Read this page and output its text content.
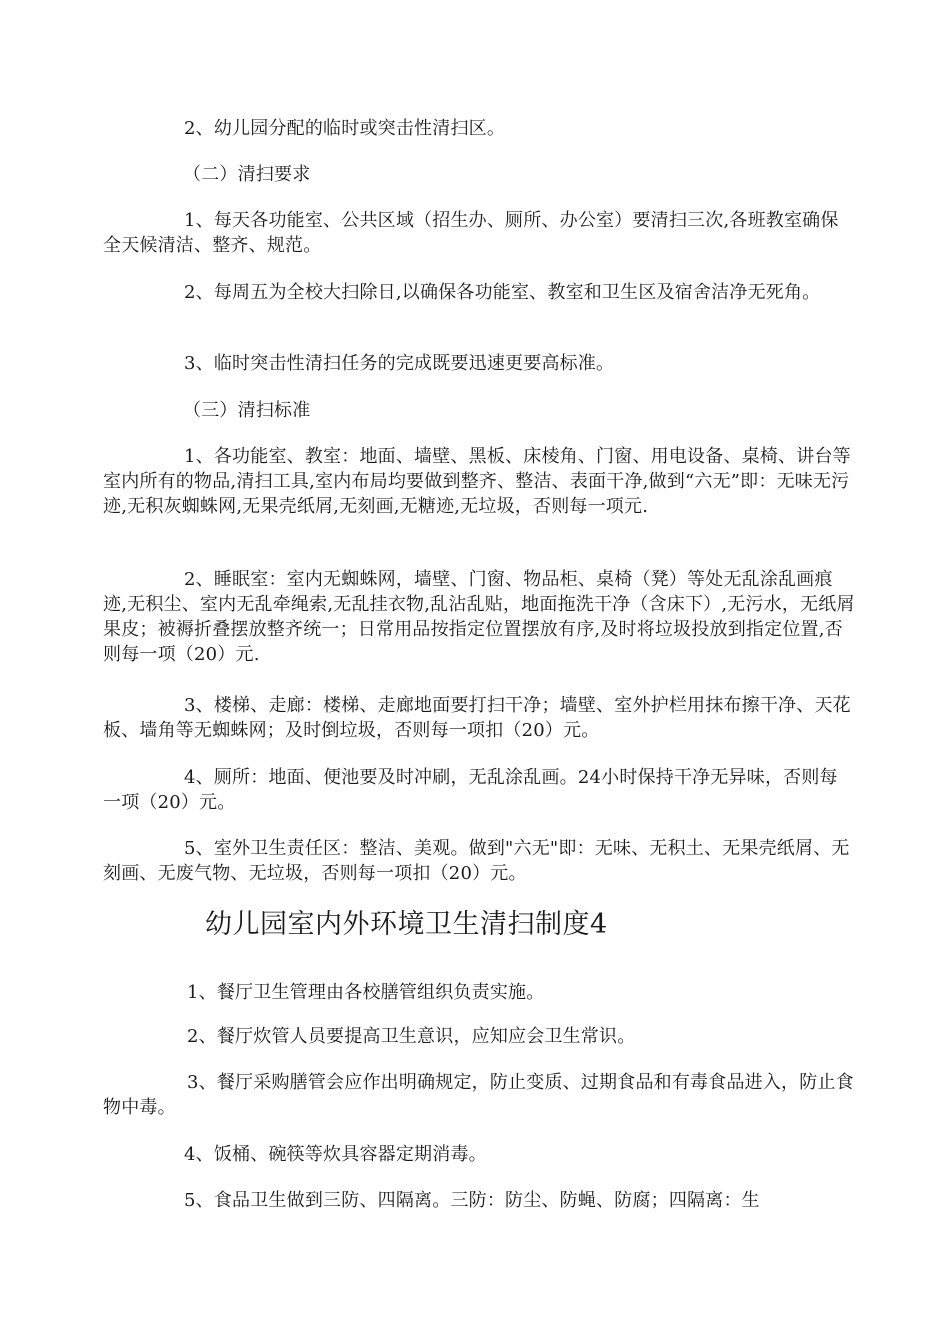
2、幼儿园分配的临时或突击性清扫区。

（二）清扫要求

1、每天各功能室、公共区域（招生办、厕所、办公室）要清扫三次,各班教室确保全天候清洁、整齐、规范。

2、每周五为全校大扫除日,以确保各功能室、教室和卫生区及宿舍洁净无死角。

3、临时突击性清扫任务的完成既要迅速更要高标准。

（三）清扫标准

1、各功能室、教室：地面、墙壁、黑板、床棱角、门窗、用电设备、桌椅、讲台等室内所有的物品,清扫工具,室内布局均要做到整齐、整洁、表面干净,做到“六无”即：无味无污迹,无积灰蜘蛛网,无果壳纸屑,无刻画,无糖迹,无垃圾，否则每一项元.

2、睡眠室：室内无蜘蛛网，墙壁、门窗、物品柜、桌椅（凳）等处无乱涂乱画痕迹,无积尘、室内无乱牵绳索,无乱挂衣物,乱沾乱贴，地面拖洗干净（含床下）,无污水，无纸屑果皮；被褥折叠摆放整齐统一；日常用品按指定位置摆放有序,及时将垃圾投放到指定位置,否则每一项（20）元.

3、楼梯、走廊：楼梯、走廊地面要打扫干净；墙壁、室外护栏用抹布擦干净、天花板、墙角等无蜘蛛网；及时倒垃圾，否则每一项扣（20）元。

4、厕所：地面、便池要及时冲刷，无乱涂乱画。24小时保持干净无异味，否则每一项（20）元。

5、室外卫生责任区：整洁、美观。做到"六无"即：无味、无积土、无果壳纸屑、无刻画、无废气物、无垃圾，否则每一项扣（20）元。

幼儿园室内外环境卫生清扫制度4

1、餐厅卫生管理由各校膳管组织负责实施。

2、餐厅炊管人员要提高卫生意识，应知应会卫生常识。

3、餐厅采购膳管会应作出明确规定，防止变质、过期食品和有毒食品进入，防止食物中毒。

4、饭桶、碗筷等炊具容器定期消毒。

5、食品卫生做到三防、四隔离。三防：防尘、防蝇、防腐；四隔离：生
